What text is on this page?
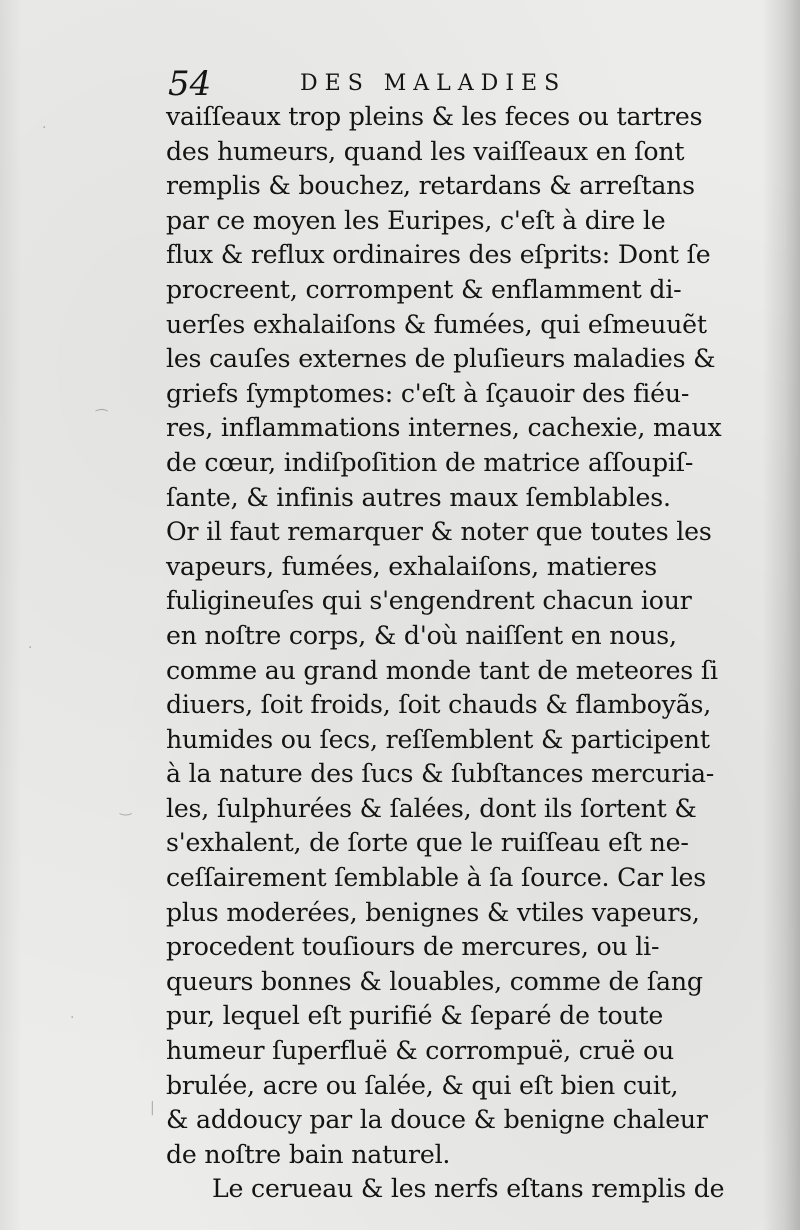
54	DES MALADIES
vaiſſeaux trop pleins & les feces ou tartres
des humeurs, quand les vaiſſeaux en ſont
remplis & bouchez, retardans & arreſtans
par ce moyen les Euripes, c'eſt à dire le
flux & reflux ordinaires des eſprits: Dont ſe
procreent, corrompent & enflamment di-
uerſes exhalaiſons & fumées, qui eſmeuuẽt
les cauſes externes de pluſieurs maladies &
griefs ſymptomes: c'eſt à ſçauoir des fiéu-
res, inflammations internes, cachexie, maux
de cœur, indiſpoſition de matrice aſſoupiſ-
ſante, & infinis autres maux ſemblables.
Or il faut remarquer & noter que toutes les
vapeurs, fumées, exhalaiſons, matieres
fuligineuſes qui s'engendrent chacun iour
en noſtre corps, & d'où naiſſent en nous,
comme au grand monde tant de meteores ſi
diuers, ſoit froids, ſoit chauds & flamboyãs,
humides ou ſecs, reſſemblent & participent
à la nature des ſucs & ſubſtances mercuria-
les, ſulphurées & ſalées, dont ils ſortent &
s'exhalent, de ſorte que le ruiſſeau eſt ne-
ceſſairement ſemblable à ſa ſource. Car les
plus moderées, benignes & vtiles vapeurs,
procedent touſiours de mercures, ou li-
queurs bonnes & louables, comme de ſang
pur, lequel eſt purifié & ſeparé de toute
humeur ſuperfluë & corrompuë, cruë ou
brulée, acre ou ſalée, & qui eſt bien cuit,
& addoucy par la douce & benigne chaleur
de noſtre bain naturel.
Le cerueau & les nerfs eſtans remplis de
·
⁀
·
‿
·
|
